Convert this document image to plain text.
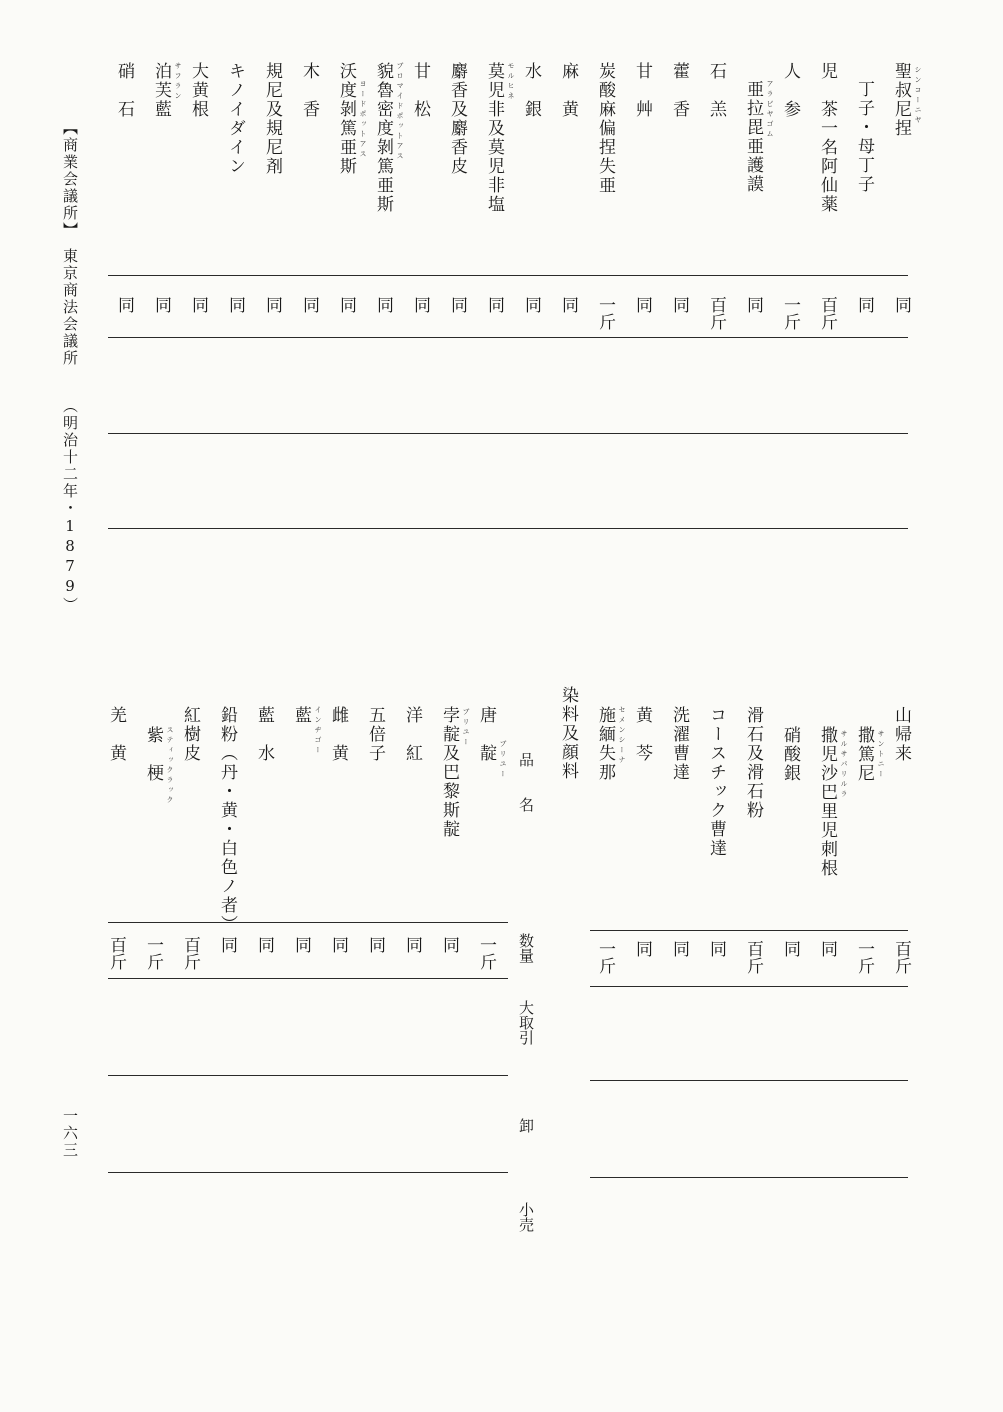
【商業会議所】
東京商法会議所
（明治十二年・1879）
一六三
聖叔尼捏
同
丁子・母丁子
同
児　茶一名阿仙薬
百斤
人　参
一斤
亜拉毘亜護謨
同
石　羔
百斤
藿　香
同
甘　艸
同
炭酸麻偏捏失亜
一斤
麻　黄
同
水　銀
同
莫児非及莫児非塩
同
麝香及麝香皮
同
甘　松
同
貌魯密度剝篤亜斯
同
沃度剝篤亜斯
同
木　香
同
規尼及規尼剤
同
キノイダイン
同
大黄根
同
泊芙藍
同
硝　石
同
山帰来
百斤
撒篤尼
一斤
撒児沙巴里児刺根
同
硝酸銀
同
滑石及滑石粉
百斤
コースチック曹達
同
洗濯曹達
同
黄　芩
同
施緬失那
一斤
染料及顔料
品　　名
数量
大取引
卸
小売
唐　靛
一斤
孛靛及巴黎斯靛
同
洋　紅
同
五倍子
同
雌　黄
同
藍
同
藍　水
同
鉛粉（丹・黄・白色ノ者）
同
紅樹皮
百斤
紫　梗
一斤
羌　黄
百斤
シンコーニヤ
アラビヤゴム
モルヒネ
ブロマイドポットアス
ヨードポットアス
サフラン
サントニー
サルサパリルラ
セメンシーナ
ブリユー
ブリユー
インヂゴー
スティックラック
